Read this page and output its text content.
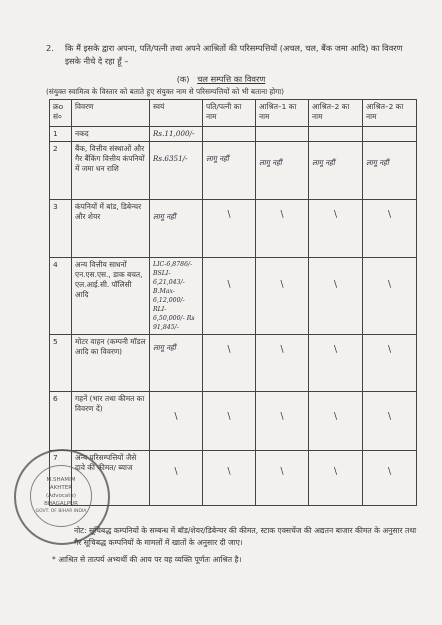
2. कि मैं इसके द्वारा अपना, पति/पत्नी तथा अपने आश्रितों की परिसम्पत्तियों (अचल, चल, बैंक जमा आदि) का विवरण इसके नीचे दे रहा हूँ –
(क) चल सम्पत्ति का विवरण
(संयुक्त स्वामित्व के विस्तार को बताते हुए संयुक्त नाम से परिसम्पत्तियों को भी बताना होगा)
क्रo सं०	विवरण	स्वयं	पति/पत्नी का नाम	आश्रित–1 का नाम	आश्रित–2 का नाम	आश्रित–2 का नाम
1	नकद	Rs.11,000/-				

2	बैंक, वित्तीय संस्थाओं और गैर बैंकिंग वित्तीय कंपनियों में जमा धन राशि	Rs.6351/-	लागू नहीं	लागू नहीं	लागू नहीं	लागू नहीं

3	कंपनियों में बांड, डिबेन्चर और शेयर	लागू नहीं	\	\	\	\

4	अन्य वित्तीय साधनों एन.एस.एस., डाक बचत, एल.आई.सी. पॉलिसी आदि	LIC-6,8786/- BSLI-6,21,043/- B.Max-6,12,000/- RLI- 6,50,000/- Rs 91,845/-	\	\	\	\

5	मोटर वाहन (कम्पनी मॉडल आदि का विवरण)	लागू नहीं	\	\	\	\

6	गहनें (भार तथा कीमत का विवरण दें)	\	\	\	\	\

7	अन्य परिसम्पत्तियों जैसे दावे की कीमत/ ब्याज	\	\	\	\	\
M.SHAMIM
AKHTER
(Advocate)
BHAGALPUR
GOVT. OF BIHAR INDIA
नोट: सूचिबद्ध कम्पनियों के सम्बन्ध में बॉड/शेयर/डिबेन्चर की कीमत, स्टाक एक्सचेंज की अद्यतन बाजार कीमत के अनुसार तथा गैर सूचिबद्ध कम्पनियों के मामलों में खातों के अनुसार दी जाए।
* आश्रित से तात्पर्य अभ्यर्थी की आय पर वह व्यक्ति पूर्णतः आश्रित है।
